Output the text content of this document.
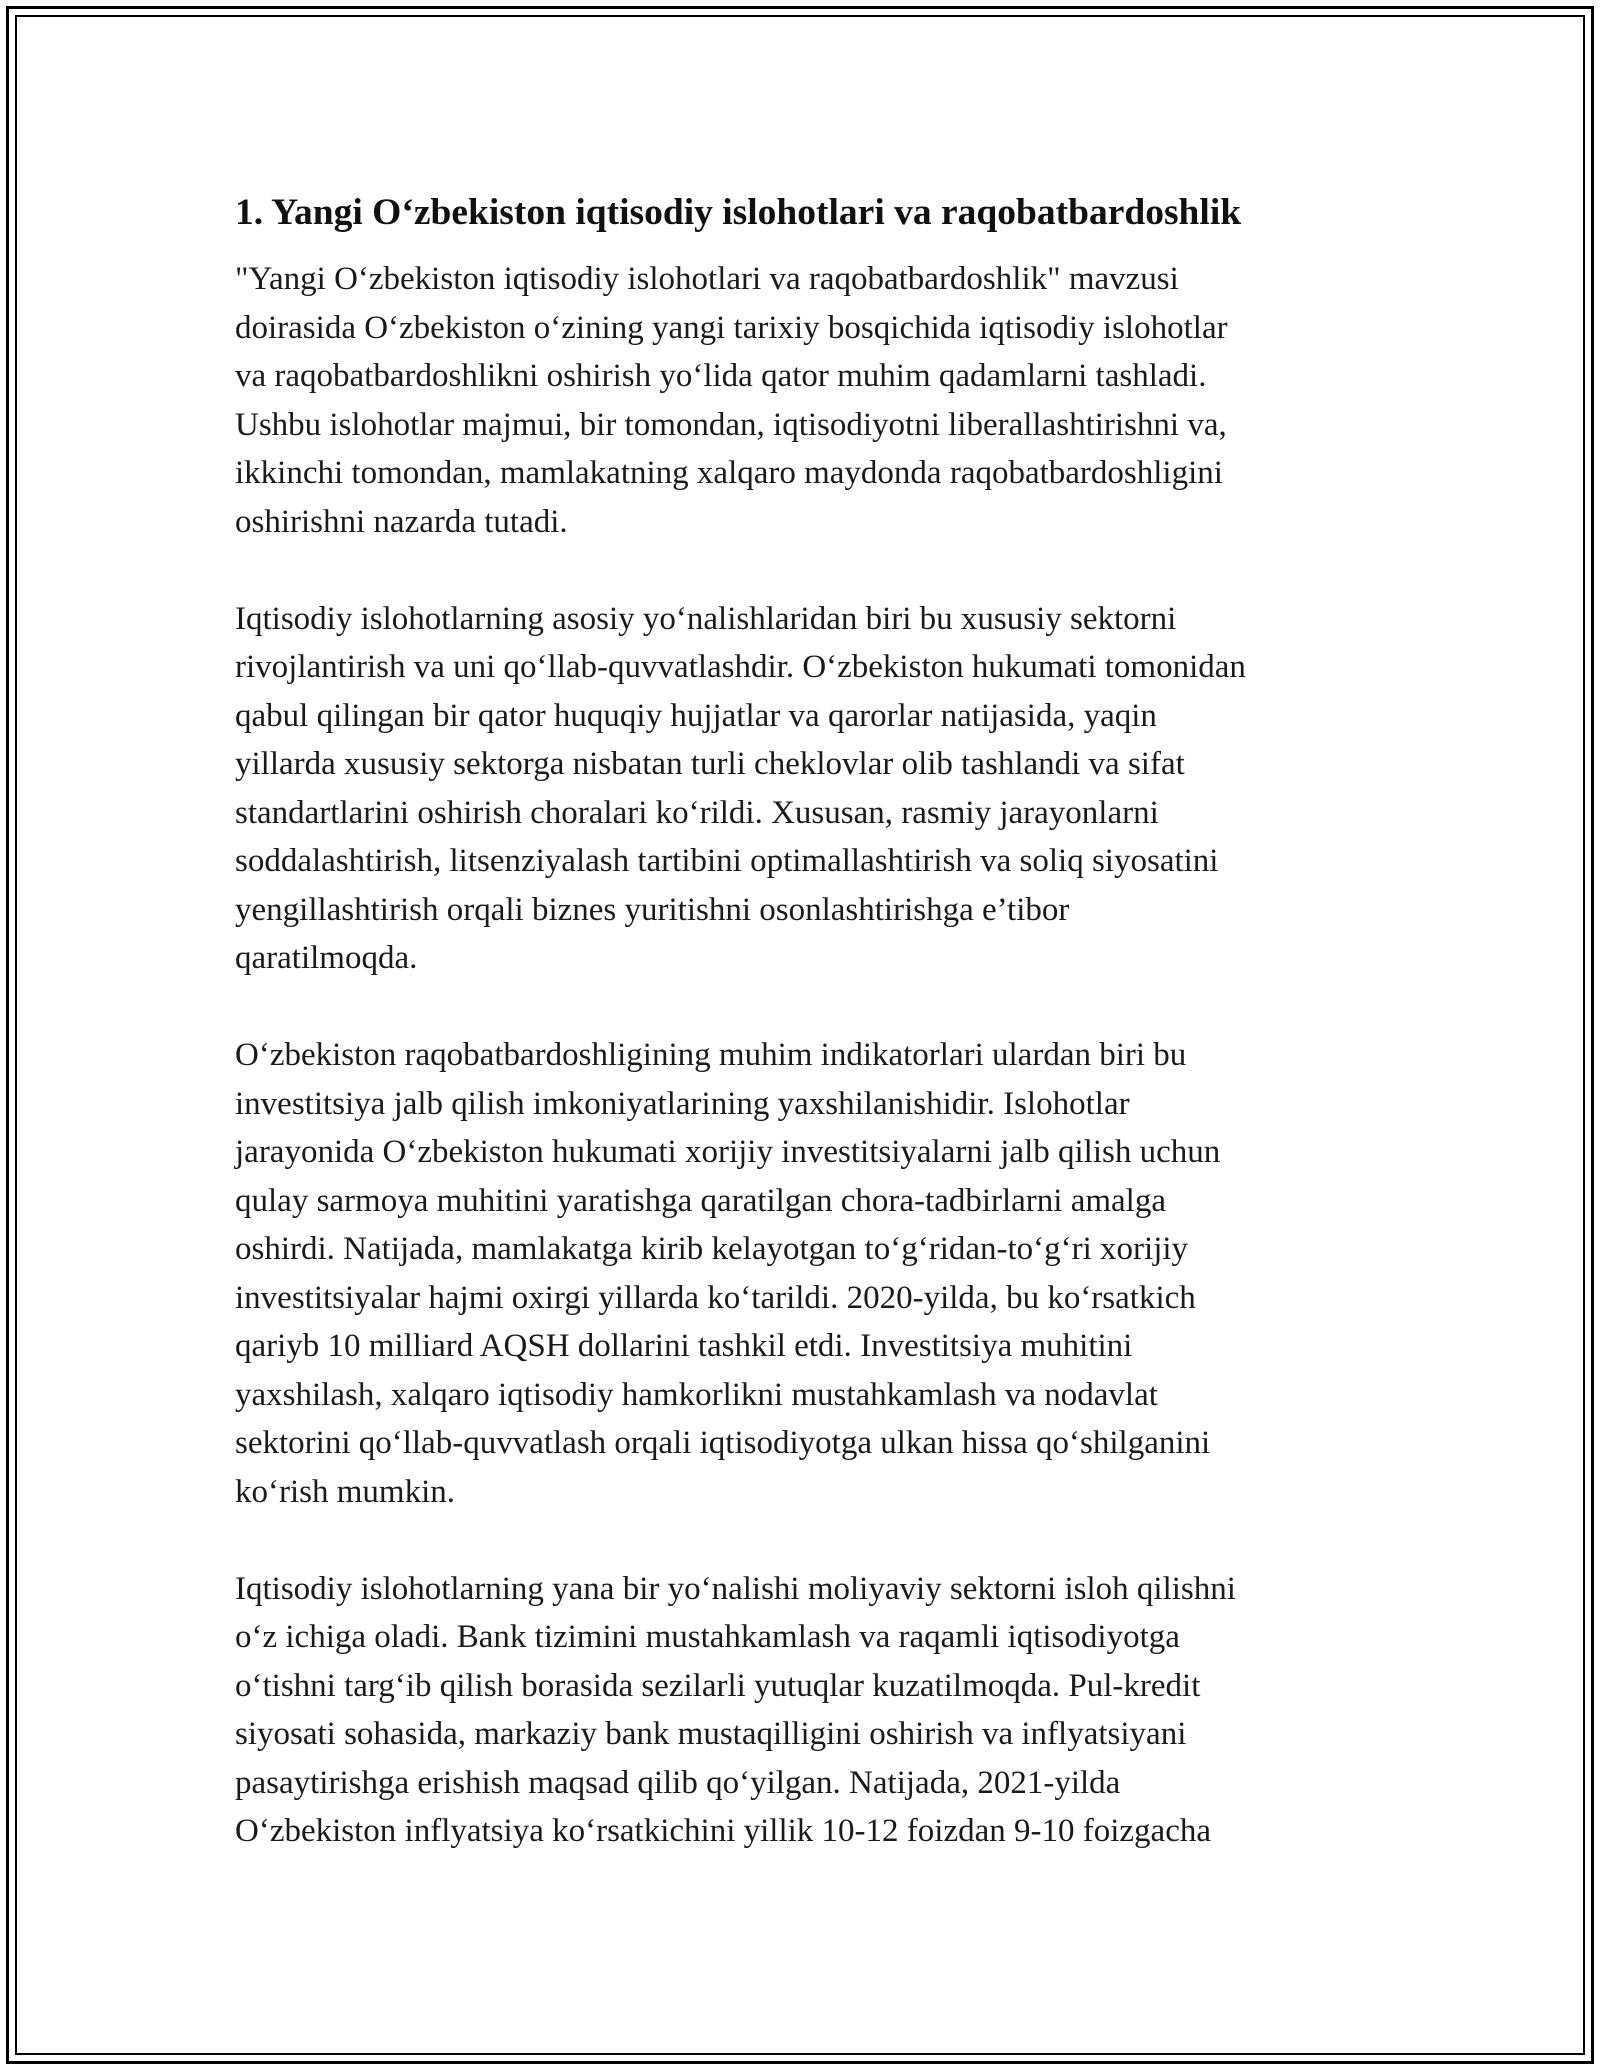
1. Yangi O‘zbekiston iqtisodiy islohotlari va raqobatbardoshlik

"Yangi O‘zbekiston iqtisodiy islohotlari va raqobatbardoshlik" mavzusi
doirasida O‘zbekiston o‘zining yangi tarixiy bosqichida iqtisodiy islohotlar
va raqobatbardoshlikni oshirish yo‘lida qator muhim qadamlarni tashladi.
Ushbu islohotlar majmui, bir tomondan, iqtisodiyotni liberallashtirishni va,
ikkinchi tomondan, mamlakatning xalqaro maydonda raqobatbardoshligini
oshirishni nazarda tutadi.

Iqtisodiy islohotlarning asosiy yo‘nalishlaridan biri bu xususiy sektorni
rivojlantirish va uni qo‘llab-quvvatlashdir. O‘zbekiston hukumati tomonidan
qabul qilingan bir qator huquqiy hujjatlar va qarorlar natijasida, yaqin
yillarda xususiy sektorga nisbatan turli cheklovlar olib tashlandi va sifat
standartlarini oshirish choralari ko‘rildi. Xususan, rasmiy jarayonlarni
soddalashtirish, litsenziyalash tartibini optimallashtirish va soliq siyosatini
yengillashtirish orqali biznes yuritishni osonlashtirishga e’tibor
qaratilmoqda.

O‘zbekiston raqobatbardoshligining muhim indikatorlari ulardan biri bu
investitsiya jalb qilish imkoniyatlarining yaxshilanishidir. Islohotlar
jarayonida O‘zbekiston hukumati xorijiy investitsiyalarni jalb qilish uchun
qulay sarmoya muhitini yaratishga qaratilgan chora-tadbirlarni amalga
oshirdi. Natijada, mamlakatga kirib kelayotgan to‘g‘ridan-to‘g‘ri xorijiy
investitsiyalar hajmi oxirgi yillarda ko‘tarildi. 2020-yilda, bu ko‘rsatkich
qariyb 10 milliard AQSH dollarini tashkil etdi. Investitsiya muhitini
yaxshilash, xalqaro iqtisodiy hamkorlikni mustahkamlash va nodavlat
sektorini qo‘llab-quvvatlash orqali iqtisodiyotga ulkan hissa qo‘shilganini
ko‘rish mumkin.

Iqtisodiy islohotlarning yana bir yo‘nalishi moliyaviy sektorni isloh qilishni
o‘z ichiga oladi. Bank tizimini mustahkamlash va raqamli iqtisodiyotga
o‘tishni targ‘ib qilish borasida sezilarli yutuqlar kuzatilmoqda. Pul-kredit
siyosati sohasida, markaziy bank mustaqilligini oshirish va inflyatsiyani
pasaytirishga erishish maqsad qilib qo‘yilgan. Natijada, 2021-yilda
O‘zbekiston inflyatsiya ko‘rsatkichini yillik 10-12 foizdan 9-10 foizgacha
